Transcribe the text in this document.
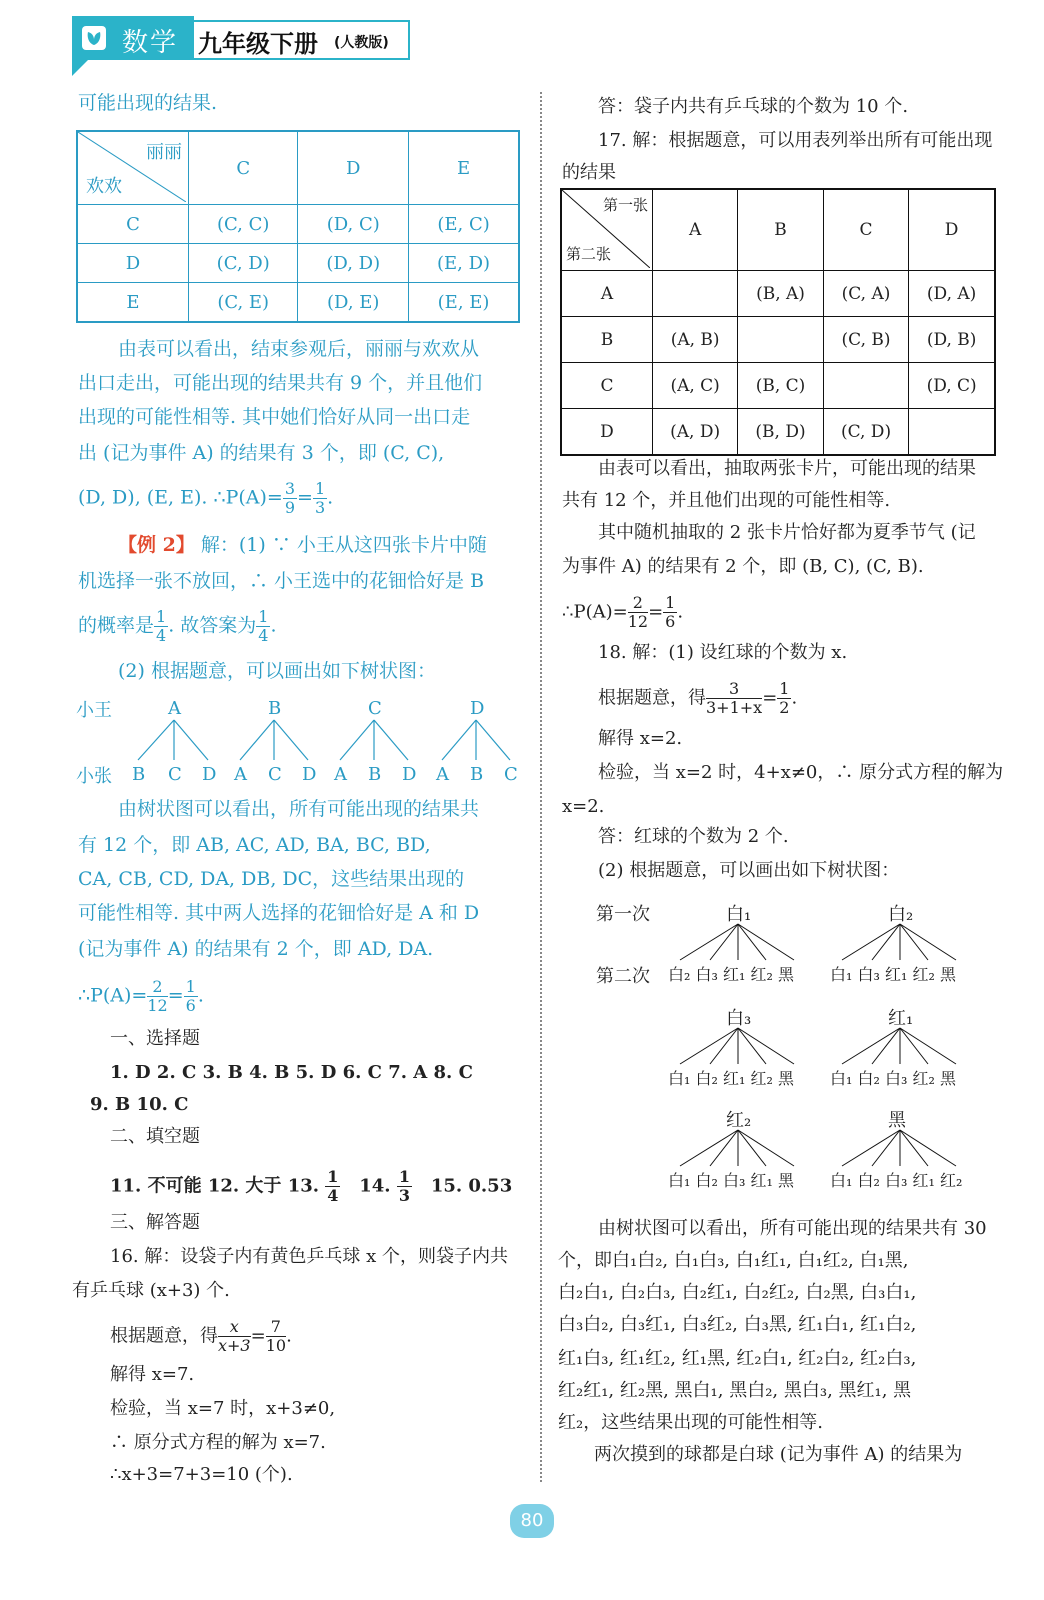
数学 九年级下册 (人教版)
可能出现的结果.
丽丽
欢欢	C	D	E
C	(C, C)	(D, C)	(E, C)
D	(C, D)	(D, D)	(E, D)
E	(C, E)	(D, E)	(E, E)
由表可以看出，结束参观后，丽丽与欢欢从
出口走出，可能出现的结果共有 9 个，并且他们
出现的可能性相等. 其中她们恰好从同一出口走
出 (记为事件 A) 的结果有 3 个，即 (C, C),
(D, D), (E, E). ∴P(A)= $\frac{3}{9} = \frac{1}{3}$ .
【例 2】 解：(1) ∵ 小王从这四张卡片中随
机选择一张不放回，∴ 小王选中的花钿恰好是 B
的概率是 $\frac{1}{4}$ . 故答案为 $\frac{1}{4}$ .
(2) 根据题意，可以画出如下树状图：
小王
小张
A	B	C	D
B C D A C D A B D A B C
由树状图可以看出，所有可能出现的结果共
有 12 个，即 AB, AC, AD, BA, BC, BD,
CA, CB, CD, DA, DB, DC，这些结果出现的
可能性相等. 其中两人选择的花钿恰好是 A 和 D
(记为事件 A) 的结果有 2 个，即 AD, DA.
∴P(A)= $\frac{2}{12} = \frac{1}{6}$ .
一、选择题
1. D 2. C 3. B 4. B 5. D 6. C 7. A 8. C
9. B 10. C
二、填空题
11. 不可能 12. 大于 13. $\frac{1}{4} 14$. $\frac{1}{3} 15$. 0.53
三、解答题
16. 解：设袋子内有黄色乒乓球 x 个，则袋子内共
有乒乓球 (x+3) 个.
根据题意，得 $\frac{x}{x+3} = \frac{7}{10}$ .
解得 x=7.
检验，当 x=7 时，x+3≠0,
∴ 原分式方程的解为 x=7.
∴x+3=7+3=10 (个).
答：袋子内共有乒乓球的个数为 10 个.
17. 解：根据题意，可以用表列举出所有可能出现
的结果
第一张
第二张	A	B	C	D
A		(B, A)	(C, A)	(D, A)
B	(A, B)		(C, B)	(D, B)
C	(A, C)	(B, C)		(D, C)
D	(A, D)	(B, D)	(C, D)	
由表可以看出，抽取两张卡片，可能出现的结果
共有 12 个，并且他们出现的可能性相等.
其中随机抽取的 2 张卡片恰好都为夏季节气 (记
为事件 A) 的结果有 2 个，即 (B, C), (C, B).
∴P(A)= $\frac{2}{12} = \frac{1}{6}$ .
18. 解：(1) 设红球的个数为 x.
根据题意，得 $\frac{3}{3+1+x} = \frac{1}{2}$ .
解得 x=2.
检验，当 x=2 时，4+x≠0，∴ 原分式方程的解为
x=2.
答：红球的个数为 2 个.
(2) 根据题意，可以画出如下树状图：
第一次
第二次
白₁	白₂
白₂ 白₃ 红₁ 红₂ 黑 白₁ 白₃ 红₁ 红₂ 黑
白₃	红₁
白₁ 白₂ 红₁ 红₂ 黑 白₁ 白₂ 白₃ 红₂ 黑
红₂	黑
白₁ 白₂ 白₃ 红₁ 黑 白₁ 白₂ 白₃ 红₁ 红₂
由树状图可以看出，所有可能出现的结果共有 30
个，即白₁白₂, 白₁白₃, 白₁红₁, 白₁红₂, 白₁黑,
白₂白₁, 白₂白₃, 白₂红₁, 白₂红₂, 白₂黑, 白₃白₁,
白₃白₂, 白₃红₁, 白₃红₂, 白₃黑, 红₁白₁, 红₁白₂,
红₁白₃, 红₁红₂, 红₁黑, 红₂白₁, 红₂白₂, 红₂白₃,
红₂红₁, 红₂黑, 黑白₁, 黑白₂, 黑白₃, 黑红₁, 黑
红₂，这些结果出现的可能性相等.
两次摸到的球都是白球 (记为事件 A) 的结果为
80
